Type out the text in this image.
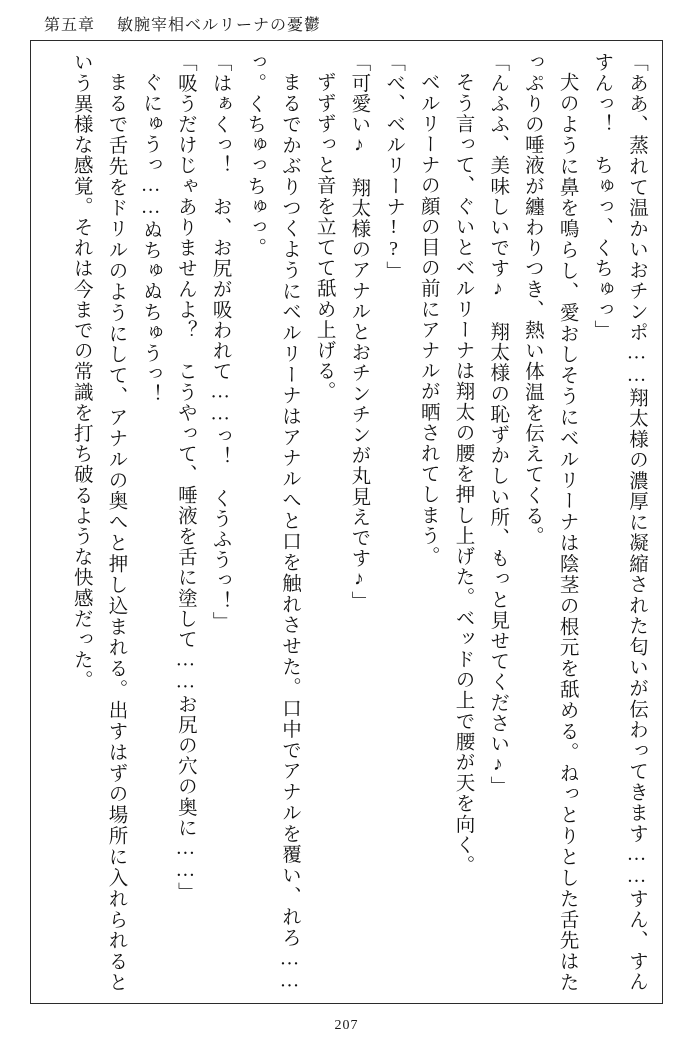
第五章 敏腕宰相ベルリーナの憂鬱

「ああ、蒸れて温かいおチンポ……翔太様の濃厚に凝縮された匂いが伝わってきます……すん、すんすんっ！　ちゅっ、くちゅっ」

犬のように鼻を鳴らし、愛おしそうにベルリーナは陰茎の根元を舐める。ねっとりとした舌先はたっぷりの唾液が纏わりつき、熱い体温を伝えてくる。

「んふふ、美味しいです♪　翔太様の恥ずかしい所、もっと見せてください♪」

そう言って、ぐいとベルリーナは翔太の腰を押し上げた。ベッドの上で腰が天を向く。

ベルリーナの顔の目の前にアナルが晒されてしまう。

「べ、ベルリーナ!?」

「可愛い♪　翔太様のアナルとおチンチンが丸見えです♪」

ずずずっと音を立てて舐め上げる。

まるでかぶりつくようにベルリーナはアナルへと口を触れさせた。口中でアナルを覆い、れろ……っ。くちゅっちゅっ。

「はぁくっ！　お、お尻が吸われて……っ！　くうふうっ！」

「吸うだけじゃありませんよ？　こうやって、唾液を舌に塗して……お尻の穴の奥に……」

ぐにゅうっ……ぬちゅぬちゅうっ！

まるで舌先をドリルのようにして、アナルの奥へと押し込まれる。出すはずの場所に入れられるという異様な感覚。それは今までの常識を打ち破るような快感だった。

207
